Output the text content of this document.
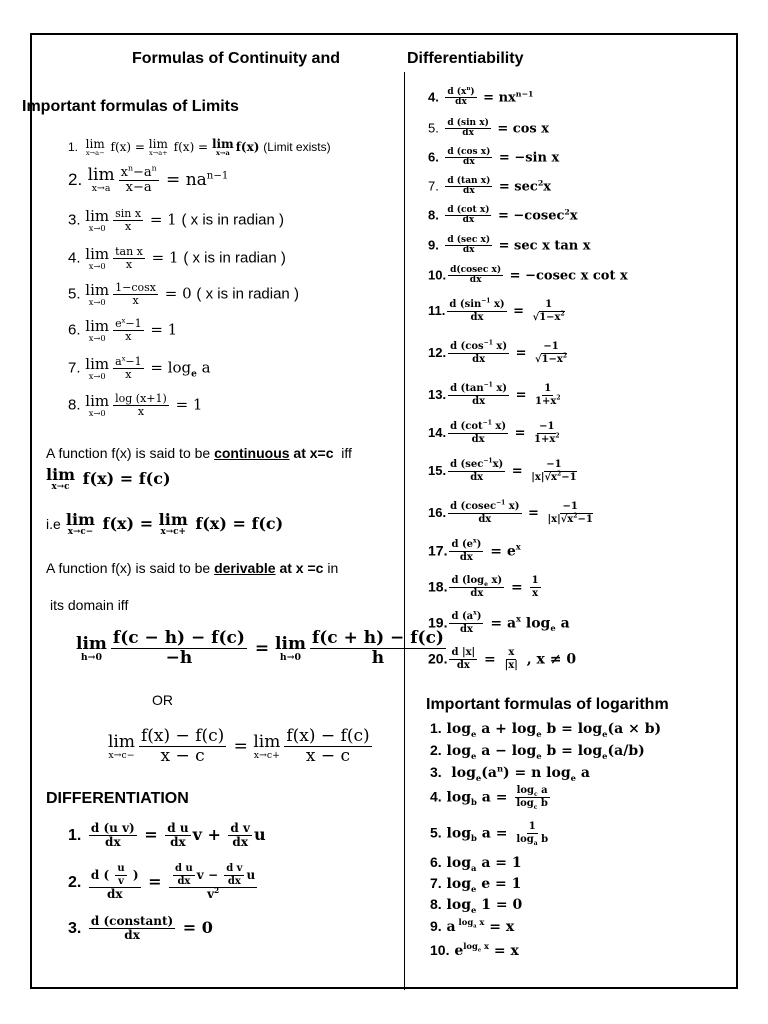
Formulas of Continuity and	Differentiability
Important formulas of Limits
1. lim
x→a− f(x) = lim
x→a+ f(x) = lim
x→a f(x) (Limit exists)
2. lim
$x\to a \frac{x^n-a^n}{x-a} = na^{n-1}$
3. lim
$x\to 0 \frac{\text{sin x}}{x} = 1$ ( x is in radian )
4. lim
$x\to 0 \frac{\text{tan x}}{x} = 1$ ( x is in radian )
5. lim
$x\to 0 \frac{1-\cos x}{x} = 0$ ( x is in radian )
6. lim
$x\to 0 \frac{e^x-1}{x} = 1$
7. lim
$x\to 0 \frac{a^x-1}{x} = \log_e a$
8. lim
$x\to 0 \frac{\log (x+1)}{x} = 1$
A function f(x) is said to be continuous at x=c iff
lim
x→c f(x) = f(c)
i.e lim
x→c− f(x) = lim
x→c+ f(x) = f(c)
A function f(x) is said to be derivable at x =c in
its domain iff
lim
$h\to 0 \frac{f(c - h) - f(c)}{-h} = \lim$
$h\to 0 \frac{f(c + h) - f(c)}{h}$
OR
lim
$x\to c- \frac{f(x) - f(c)}{x - c} = \lim$
$x\to c+ \frac{f(x) - f(c)}{x - c}$
DIFFERENTIATION
1. $\frac{\text{d (u v)}}{dx} = \frac{\text{d u}}{dx}$ $v + \frac{\text{d v}}{dx}$ u
2. $\frac{d ( \frac{u}{v} )}{dx} = \frac{\frac{\text{d u}}{dx} v - \frac{\text{d v}}{dx} u}{v^2}$
3. $\frac{\text{d (constant)}}{dx} = 0$
4. $\frac{d (x^n)}{dx} = nx^{n-1}$
5. $\frac{\text{d (sin x)}}{dx} = \cos x$
6. $\frac{\text{d (cos x)}}{dx} = -\sin$ x
7. $\frac{\text{d (tan x)}}{dx} = \sec^2x$
8. $\frac{\text{d (cot x)}}{dx} = -cosec^2x$
9. $\frac{\text{d (sec x)}}{dx} = \sec x$ tan x
10. $\frac{\text{d(cosec x)}}{dx} = -cosec$ x cot x
11. $\frac{d (\sin^{-1} x)}{dx} = \frac{1}{√1-x^2}$
12. $\frac{d (\cos^{-1} x)}{dx} = \frac{-1}{√1-x^2}$
13. $\frac{d (\tan^{-1} x)}{dx} = \frac{1}{1+x^2}$
14. $\frac{d (\cot^{-1} x)}{dx} = \frac{-1}{1+x^2}$
15. $\frac{d (\sec^{-1}x)}{dx} = \frac{-1}{|x|√x^2-1}$
16. $\frac{d (cosec^{-1} x)}{dx} = \frac{-1}{|x|√x^2-1}$
17. $\frac{d (e^x)}{dx} = e^x$
18. $\frac{d (\log_e x)}{dx} = \frac{1}{x}$
19. $\frac{d (a^x)}{dx} = a^x$ $\log_e a$
20. $\frac{d |x|}{dx} = \frac{x}{|x|}$ , x ≠ 0
Important formulas of logarithm
1. $\log_e a + \log_e b = \log_e(a \times b)$
2. $\log_e a - \log_e b = \log_e(a/b)$
3.  $\log_e(a^n) = n$ $\log_e a$
4. $\log_b a = \frac{\log_c a}{\log_c b}$
5. $\log_b a = \frac{1}{\log_a b}$
6. $\log_a a = 1$
7. $\log_e e = 1$
8. $\log_e 1 = 0$
9. a $^{log_a x}$ = x
10. $e^{log_e x} = x$
